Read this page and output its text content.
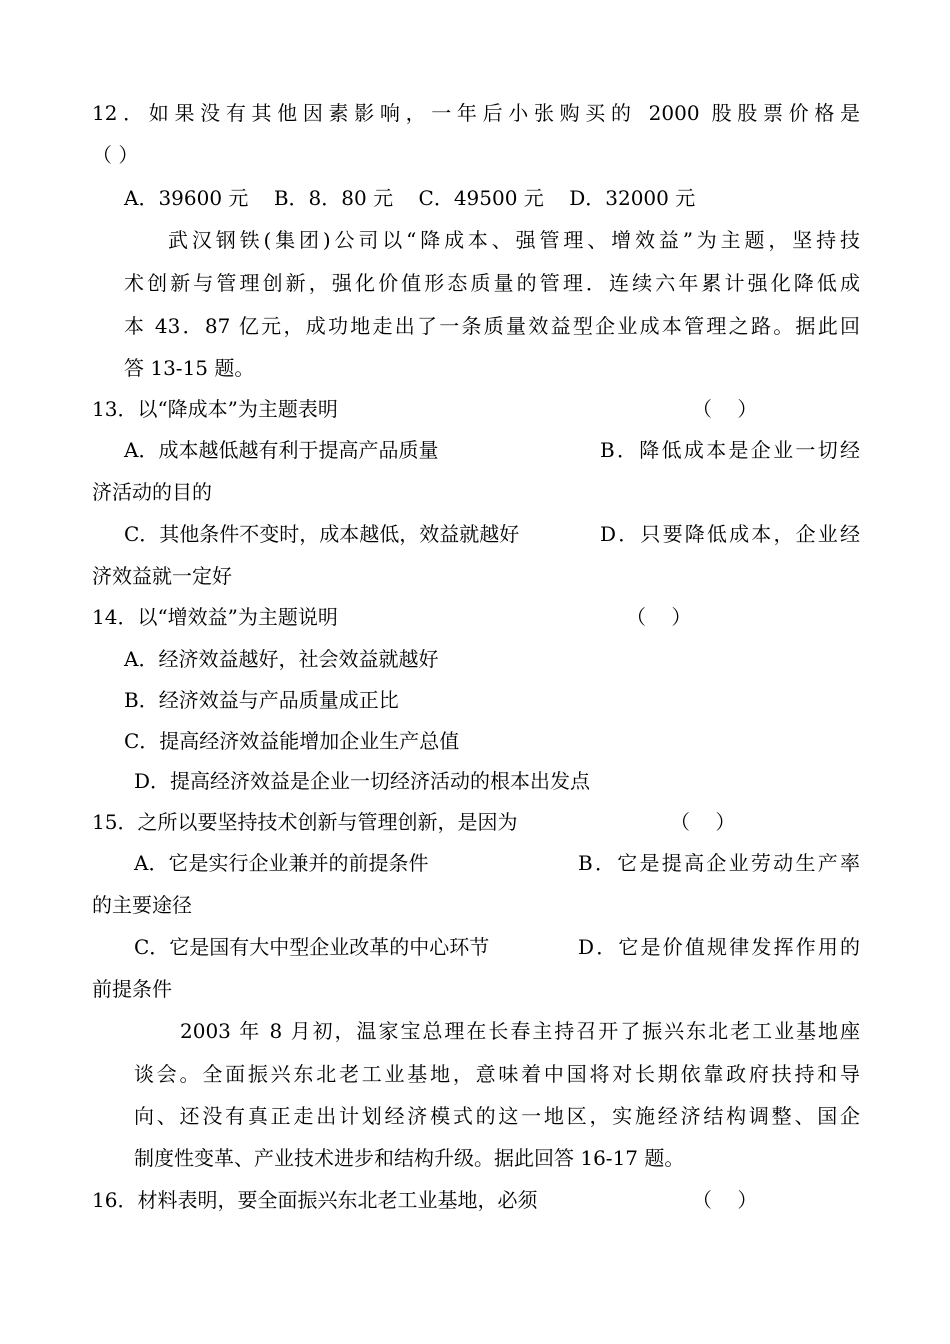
12．如果没有其他因素影响，一年后小张购买的 2000 股股票价格是
（ ）
A．39600 元    B．8．80 元    C．49500 元    D．32000 元
武汉钢铁(集团)公司以“降成本、强管理、增效益”为主题，坚持技
术创新与管理创新，强化价值形态质量的管理．连续六年累计强化降低成
本 43．87 亿元，成功地走出了一条质量效益型企业成本管理之路。据此回
答 13-15 题。
13．以“降成本”为主题表明	（    ）
A．成本越低越有利于提高产品质量	B．降低成本是企业一切经
济活动的目的
C．其他条件不变时，成本越低，效益就越好	D．只要降低成本，企业经
济效益就一定好
14．以“增效益”为主题说明	（    ）
A．经济效益越好，社会效益就越好
B．经济效益与产品质量成正比
C．提高经济效益能增加企业生产总值
D．提高经济效益是企业一切经济活动的根本出发点
15．之所以要坚持技术创新与管理创新，是因为	（    ）
A．它是实行企业兼并的前提条件	B．它是提高企业劳动生产率
的主要途径
C．它是国有大中型企业改革的中心环节	D．它是价值规律发挥作用的
前提条件
2003 年 8 月初，温家宝总理在长春主持召开了振兴东北老工业基地座
谈会。全面振兴东北老工业基地，意味着中国将对长期依靠政府扶持和导
向、还没有真正走出计划经济模式的这一地区，实施经济结构调整、国企
制度性变革、产业技术进步和结构升级。据此回答 16-17 题。
16．材料表明，要全面振兴东北老工业基地，必须	（    ）
